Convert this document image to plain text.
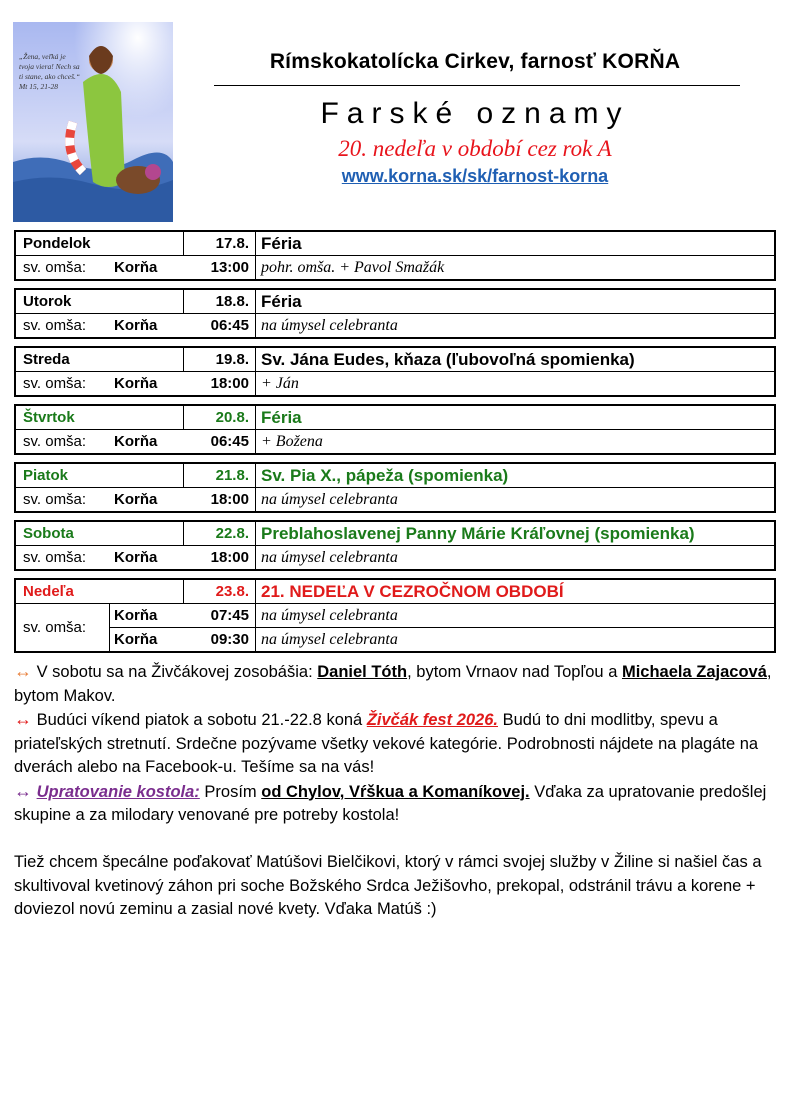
„Žena, veľká je tvoja viera! Nech sa ti stane, ako chceš.“ Mt 15, 21-28
Rímskokatolícka Cirkev, farnosť KORŇA
Farské oznamy
20. nedeľa v období cez rok A
www.korna.sk/sk/farnost-korna
Pondelok	17.8. Féria
sv. omša:	Korňa	13:00 pohr. omša. + Pavol Smažák
Utorok	18.8. Féria
sv. omša:	Korňa	06:45 na úmysel celebranta
Streda	19.8. Sv. Jána Eudes, kňaza (ľubovoľná spomienka)
sv. omša:	Korňa	18:00 + Ján
Štvrtok	20.8. Féria
sv. omša:	Korňa	06:45 + Božena
Piatok	21.8. Sv. Pia X., pápeža (spomienka)
sv. omša:	Korňa	18:00 na úmysel celebranta
Sobota	22.8. Preblahoslavenej Panny Márie Kráľovnej (spomienka)
sv. omša:	Korňa	18:00 na úmysel celebranta
Nedeľa	23.8. 21. NEDEĽA V CEZROČNOM OBDOBÍ
sv. omša:
Korňa	07:45 na úmysel celebranta
Korňa	09:30 na úmysel celebranta

↔ V sobotu sa na Živčákovej zosobášia: Daniel Tóth, bytom Vrnaov nad Topľou a Michaela Zajacová, bytom Makov.

↔ Budúci víkend piatok a sobotu 21.-22.8 koná Živčák fest 2026. Budú to dni modlitby, spevu a priateľských stretnutí. Srdečne pozývame všetky vekové kategórie. Podrobnosti nájdete na plagáte na dverách alebo na Facebook-u. Tešíme sa na vás!

↔ Upratovanie kostola: Prosím od Chylov, Vŕškua a Komaníkovej. Vďaka za upratovanie predošlej skupine a za milodary venované pre potreby kostola!

Tiež chcem špecálne poďakovať Matúšovi Bielčikovi, ktorý v rámci svojej služby v Žiline si našiel čas a skultivoval kvetinový záhon pri soche Božského Srdca Ježišovho, prekopal, odstránil trávu a korene + doviezol novú zeminu a zasial nové kvety. Vďaka Matúš :)
